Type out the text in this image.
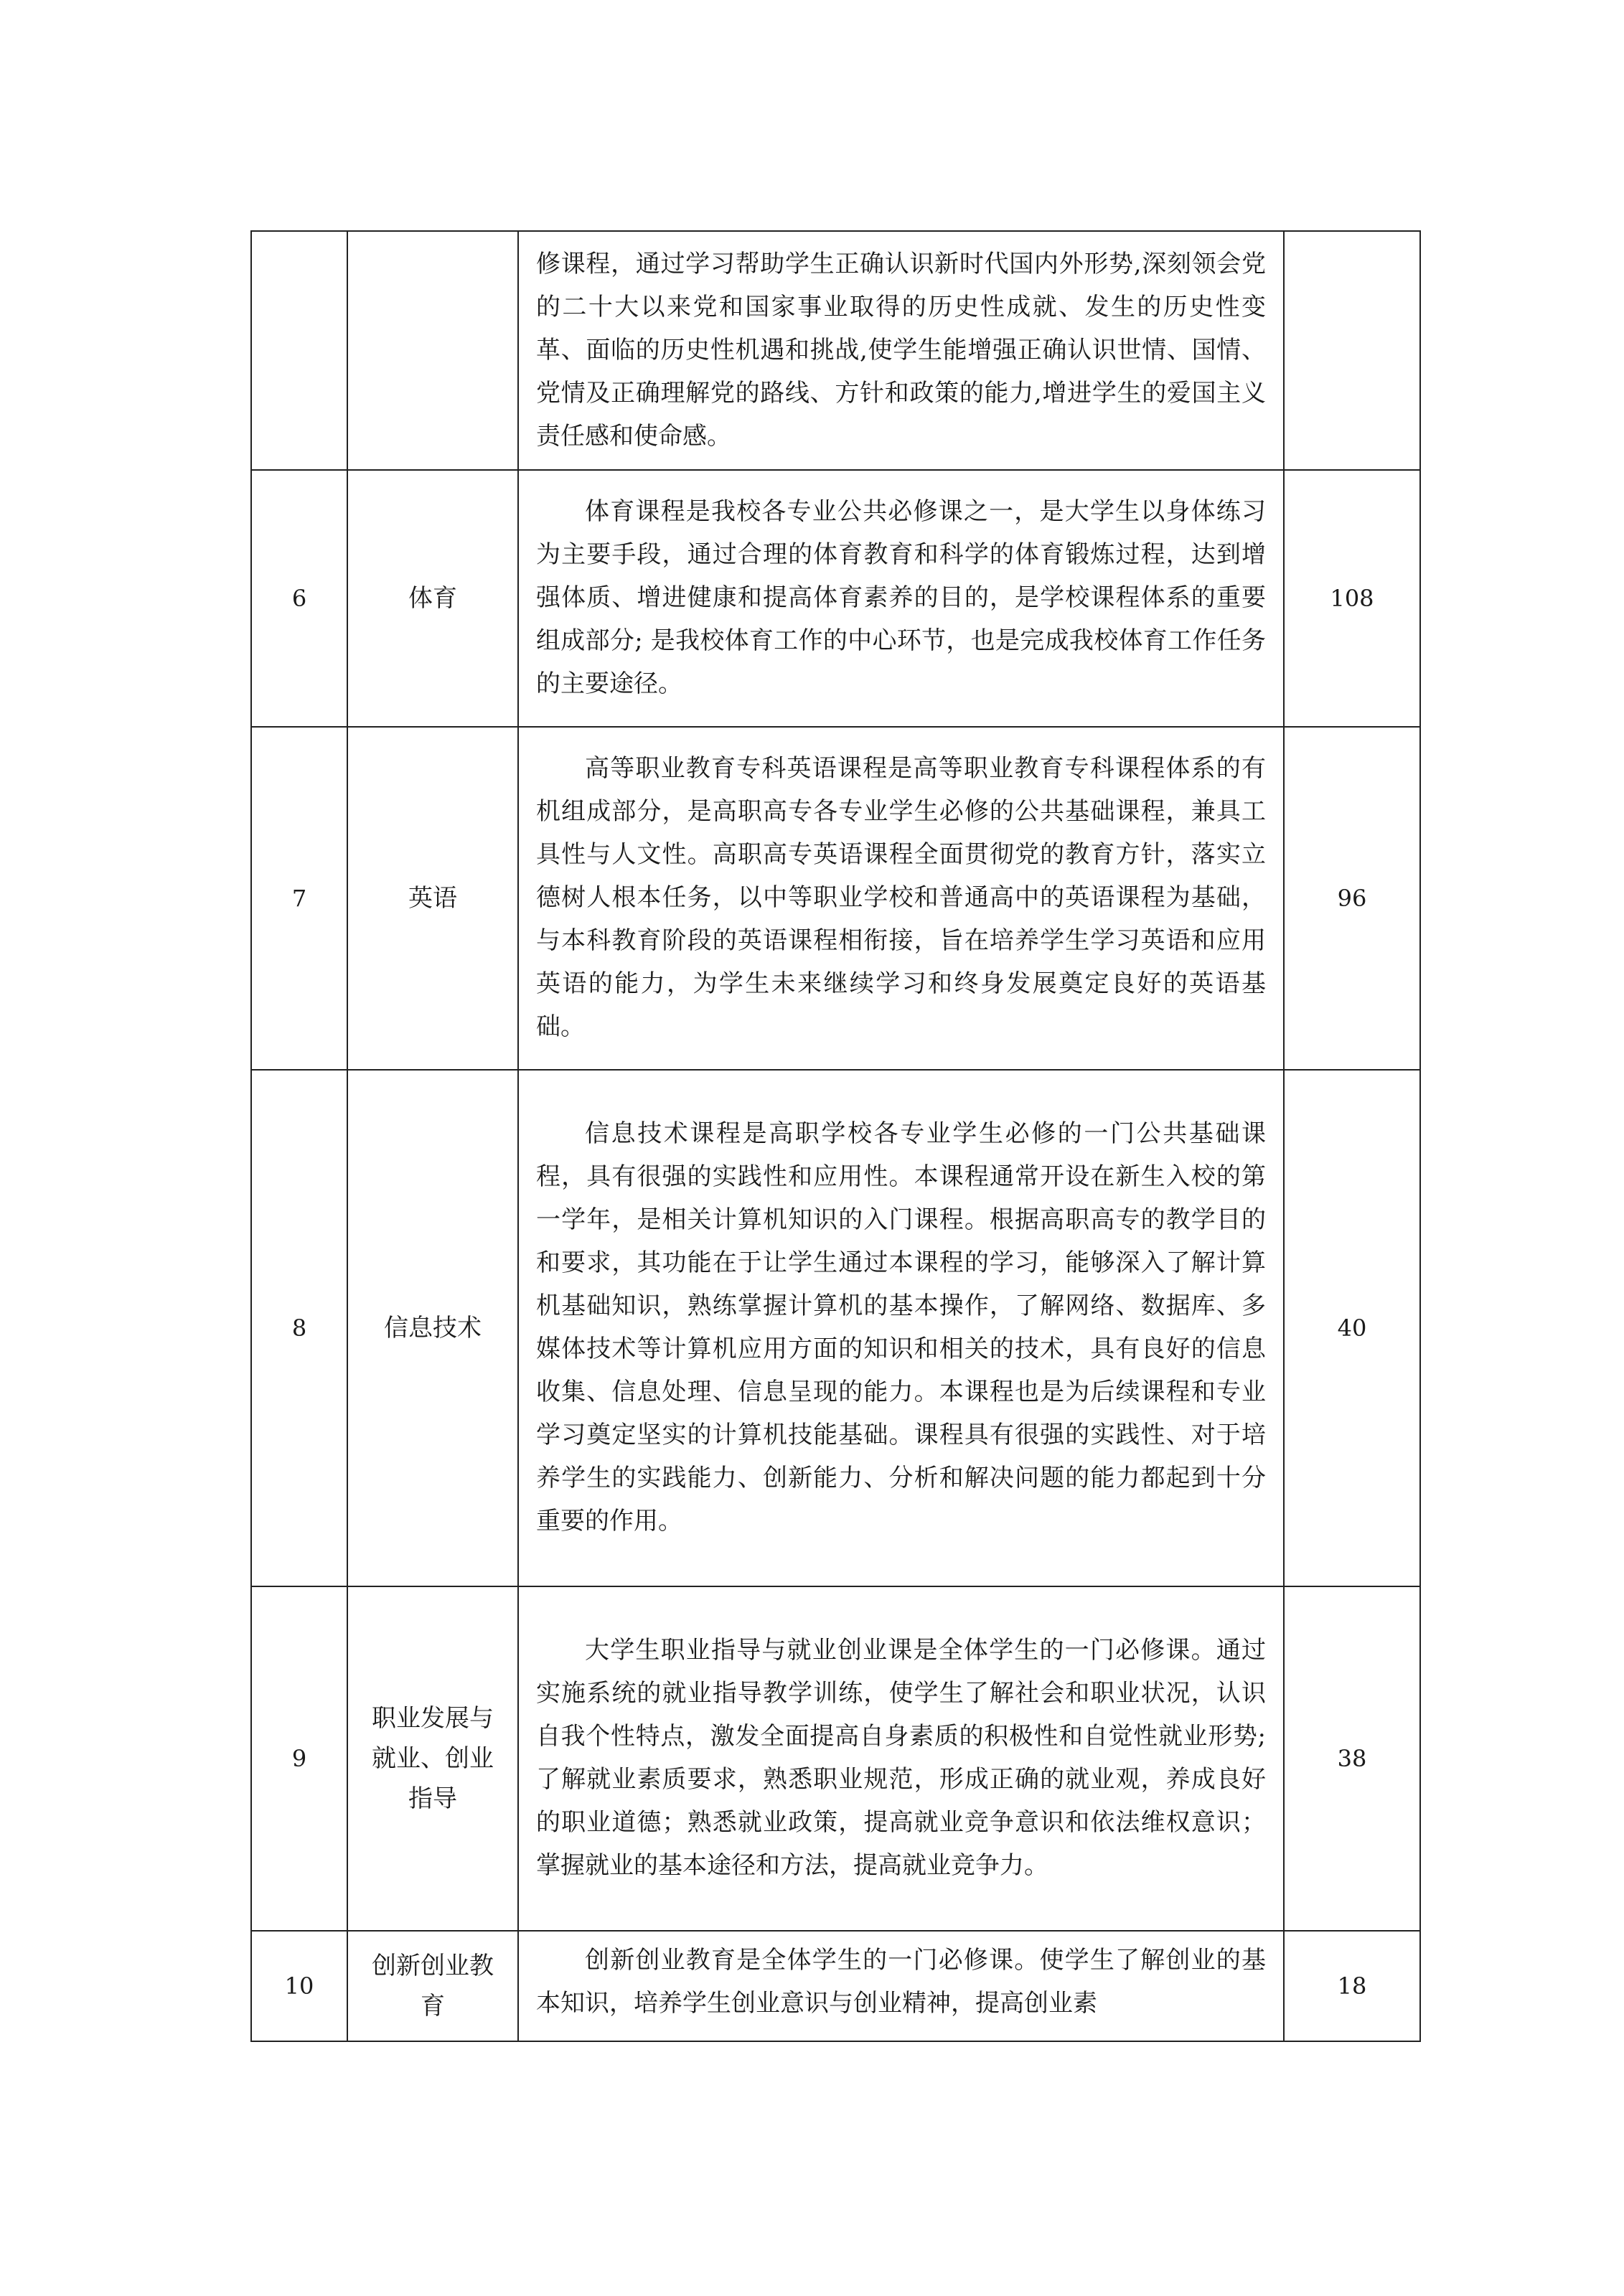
		修课程，通过学习帮助学生正确认识新时代国内外形势,深刻领会党的二十大以来党和国家事业取得的历史性成就、发生的历史性变革、面临的历史性机遇和挑战,使学生能增强正确认识世情、国情、党情及正确理解党的路线、方针和政策的能力,增进学生的爱国主义责任感和使命感。	
6	体育	体育课程是我校各专业公共必修课之一，是大学生以身体练习为主要手段，通过合理的体育教育和科学的体育锻炼过程，达到增强体质、增进健康和提高体育素养的目的，是学校课程体系的重要组成部分; 是我校体育工作的中心环节，也是完成我校体育工作任务的主要途径。	108
7	英语	高等职业教育专科英语课程是高等职业教育专科课程体系的有机组成部分，是高职高专各专业学生必修的公共基础课程，兼具工具性与人文性。高职高专英语课程全面贯彻党的教育方针，落实立德树人根本任务，以中等职业学校和普通高中的英语课程为基础，与本科教育阶段的英语课程相衔接，旨在培养学生学习英语和应用英语的能力，为学生未来继续学习和终身发展奠定良好的英语基础。	96
8	信息技术	信息技术课程是高职学校各专业学生必修的一门公共基础课程，具有很强的实践性和应用性。本课程通常开设在新生入校的第一学年，是相关计算机知识的入门课程。根据高职高专的教学目的和要求，其功能在于让学生通过本课程的学习，能够深入了解计算机基础知识，熟练掌握计算机的基本操作，了解网络、数据库、多媒体技术等计算机应用方面的知识和相关的技术，具有良好的信息收集、信息处理、信息呈现的能力。本课程也是为后续课程和专业学习奠定坚实的计算机技能基础。课程具有很强的实践性、对于培养学生的实践能力、创新能力、分析和解决问题的能力都起到十分重要的作用。	40
9	职业发展与就业、创业指导	大学生职业指导与就业创业课是全体学生的一门必修课。通过实施系统的就业指导教学训练，使学生了解社会和职业状况，认识自我个性特点，激发全面提高自身素质的积极性和自觉性就业形势; 了解就业素质要求，熟悉职业规范，形成正确的就业观，养成良好的职业道德；熟悉就业政策，提高就业竞争意识和依法维权意识；掌握就业的基本途径和方法，提高就业竞争力。	38
10	创新创业教育	创新创业教育是全体学生的一门必修课。使学生了解创业的基本知识，培养学生创业意识与创业精神，提高创业素	18
